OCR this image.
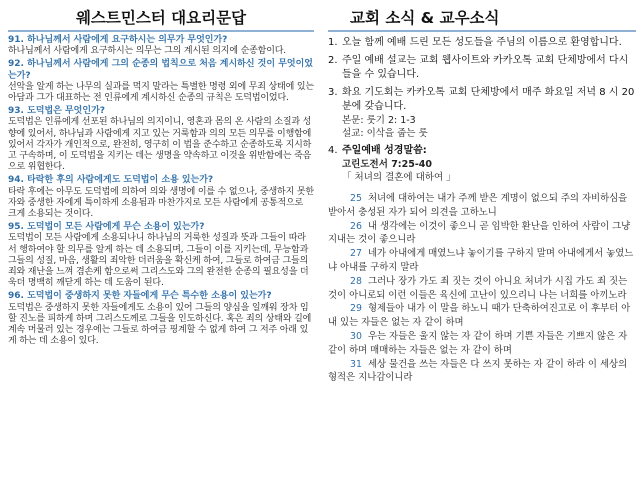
웨스트민스터 대요리문답
91. 하나님께서 사람에게 요구하시는 의무가 무엇인가?
하나님께서 사람에게 요구하시는 의무는 그의 계시된 의지에 순종함이다.
92. 하나님께서 사람에게 그의 순종의 법칙으로 처음 계시하신 것이 무엇이었는가?
선악을 알게 하는 나무의 실과를 먹지 말라는 특별한 명령 외에 무죄 상태에 있는 아담과 그가 대표하는 전 인류에게 계시하신 순종의 규칙은 도덕법이었다.
93. 도덕법은 무엇인가?
도덕법은 인류에게 선포된 하나님의 의지이니, 영혼과 몸의 온 사람의 소질과 성향에 있어서, 하나님과 사람에게 지고 있는 거룩함과 의의 모든 의무를 이행함에 있어서 각자가 개인적으로, 완전히, 영구히 이 법을 준수하고 순종하도록 지시하고 구속하며, 이 도덕법을 지키는 데는 생명을 약속하고 이것을 위반함에는 죽음으로 위협한다.
94. 타락한 후의 사람에게도 도덕법이 소용 있는가?
타락 후에는 아무도 도덕법에 의하여 의와 생명에 이를 수 없으나, 중생하지 못한 자와 중생한 자에게 특이하게 소용됨과 마찬가지로 모든 사람에게 공통적으로 크게 소용되는 것이다.
95. 도덕법이 모든 사람에게 무슨 소용이 있는가?
도덕법이 모든 사람에게 소용되나니 하나님의 거룩한 성질과 뜻과 그들이 따라서 행하여야 할 의무를 알게 하는 데 소용되며, 그들이 이를 지키는데, 무능함과 그들의 성질, 마음, 생활의 죄악한 더러움을 확신케 하여, 그들로 하여금 그들의 죄와 재난을 느껴 겸손케 함으로써 그리스도와 그의 완전한 순종의 필요성을 더욱더 명백히 깨닫게 하는 데 도움이 된다.
96. 도덕법이 중생하지 못한 자들에게 무슨 특수한 소용이 있는가?
도덕법은 중생하지 못한 자들에게도 소용이 있어 그들의 양심을 일깨워 장차 임할 진노를 피하게 하며 그리스도께로 그들을 인도하신다. 혹은 죄의 상태와 길에 계속 머물러 있는 경우에는 그들로 하여금 핑계할 수 없게 하여 그 저주 아래 있게 하는 데 소용이 있다.
교회 소식 & 교우소식
1. 오늘 함께 예배 드린 모든 성도들을 주님의 이름으로 환영합니다.
2. 주일 예배 설교는 교회 웹사이트와 카카오톡 교회 단체방에서 다시 들을 수 있습니다.
3. 화요 기도회는 카카오톡 교회 단체방에서 매주 화요일 저녁 8 시 20 분에 갖습니다.
본문: 룻기 2: 1-3
설교: 이삭을 줍는 룻
4. 주일예배 성경말씀:
고린도전서 7:25-40
「 처녀의 결혼에 대하여 」
25 처녀에 대하여는 내가 주께 받은 계명이 없으되 주의 자비하심을 받아서 충성된 자가 되어 의견을 고하노니
26 내 생각에는 이것이 좋으니 곧 임박한 환난을 인하여 사람이 그냥 지내는 것이 좋으니라
27 네가 아내에게 매였느냐 놓이기를 구하지 말며 아내에게서 놓였느냐 아내를 구하지 말라
28 그러나 장가 가도 죄 짓는 것이 아니요 처녀가 시집 가도 죄 짓는 것이 아니로되 이런 이들은 육신에 고난이 있으리니 나는 너희를 아끼노라
29 형제들아 내가 이 말을 하노니 때가 단축하여진고로 이 후부터 아내 있는 자들은 없는 자 같이 하며
30 우는 자들은 울지 않는 자 같이 하며 기쁜 자들은 기쁘지 않은 자 같이 하며 매매하는 자들은 없는 자 같이 하며
31 세상 물건을 쓰는 자들은 다 쓰지 못하는 자 같이 하라 이 세상의 형적은 지나감이니라
